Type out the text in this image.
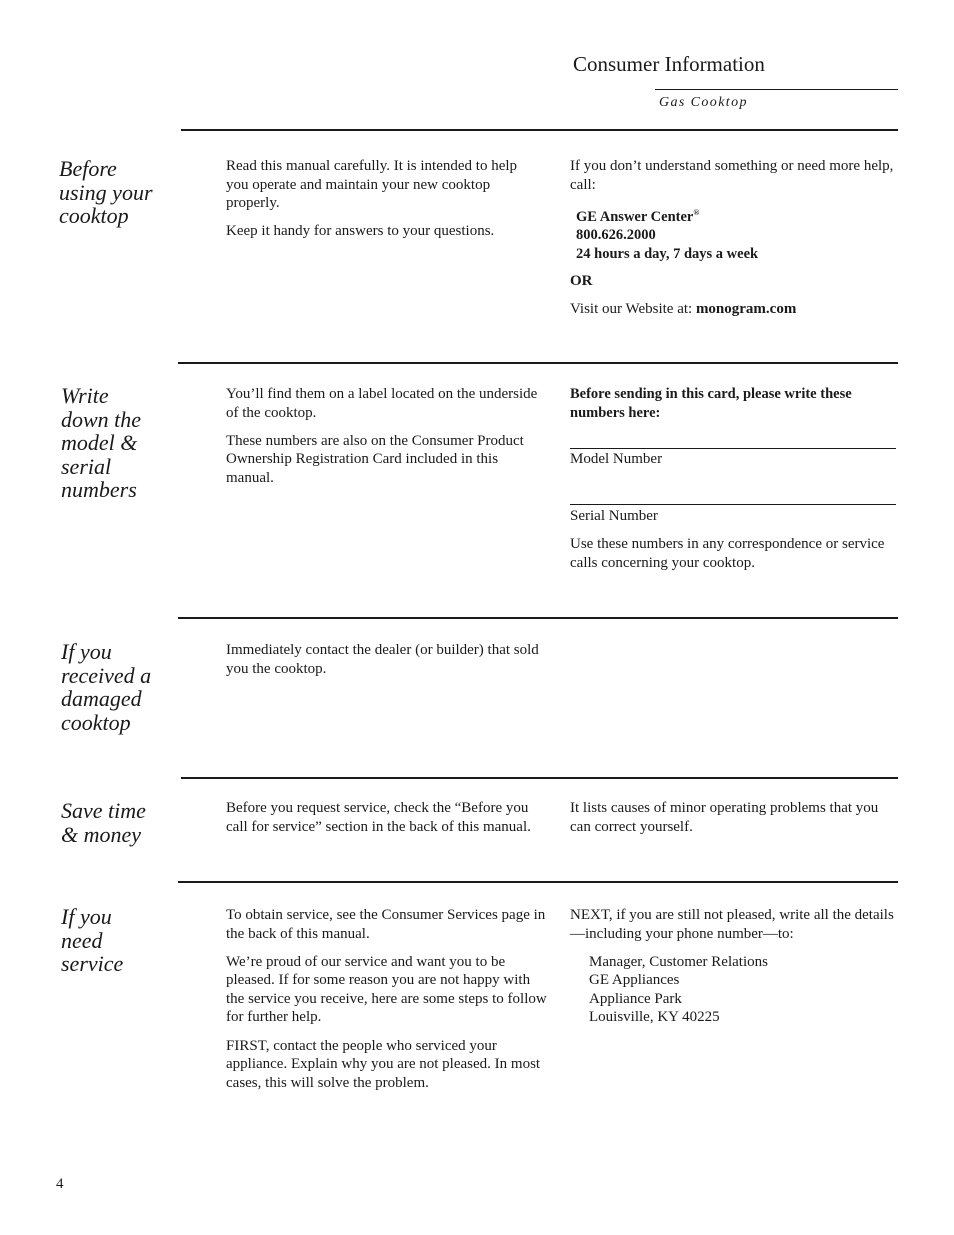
Consumer Information
Gas Cooktop
Before
using your
cooktop

Read this manual carefully. It is intended to help you operate and maintain your new cooktop properly.

Keep it handy for answers to your questions.

If you don’t understand something or need more help, call:

GE Answer Center®
800.626.2000
24 hours a day, 7 days a week

OR

Visit our Website at: monogram.com

Write
down the
model &
serial
numbers

You’ll find them on a label located on the underside of the cooktop.

These numbers are also on the Consumer Product Ownership Registration Card included in this manual.

Before sending in this card, please write these numbers here:
Model Number
Serial Number
Use these numbers in any correspondence or service calls concerning your cooktop.
If you
received a
damaged
cooktop

Immediately contact the dealer (or builder) that sold you the cooktop.

Save time
& money

Before you request service, check the “Before you call for service” section in the back of this manual.

It lists causes of minor operating problems that you can correct yourself.

If you
need
service

To obtain service, see the Consumer Services page in the back of this manual.

We’re proud of our service and want you to be pleased. If for some reason you are not happy with the service you receive, here are some steps to follow for further help.

FIRST, contact the people who serviced your appliance. Explain why you are not pleased. In most cases, this will solve the problem.

NEXT, if you are still not pleased, write all the details—including your phone number—to:

Manager, Customer Relations
GE Appliances
Appliance Park
Louisville, KY 40225
4
